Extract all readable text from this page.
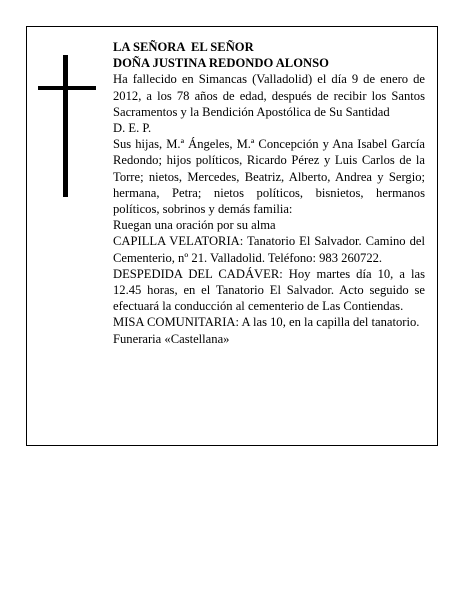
LA SEÑORA  EL SEÑOR

DOÑA JUSTINA REDONDO ALONSO

Ha fallecido en Simancas (Valladolid) el día 9 de enero de 2012, a los 78 años de edad, después de recibir los Santos Sacramentos y la Bendición Apostólica de Su Santidad

D. E. P.

Sus hijas, M.ª Ángeles, M.ª Concepción y Ana Isabel García Redondo; hijos políticos, Ricardo Pérez y Luis Carlos de la Torre; nietos, Mercedes, Beatriz, Alberto, Andrea y Sergio; hermana, Petra; nietos políticos, bisnietos, hermanos políticos, sobrinos y demás familia:

Ruegan una oración por su alma

CAPILLA VELATORIA: Tanatorio El Salvador. Camino del Cementerio, nº 21. Valladolid. Teléfono: 983 260722.

DESPEDIDA DEL CADÁVER: Hoy martes día 10, a las 12.45 horas, en el Tanatorio El Salvador. Acto seguido se efectuará la conducción al cementerio de Las Contiendas.

MISA COMUNITARIA: A las 10, en la capilla del tanatorio.

Funeraria «Castellana»
